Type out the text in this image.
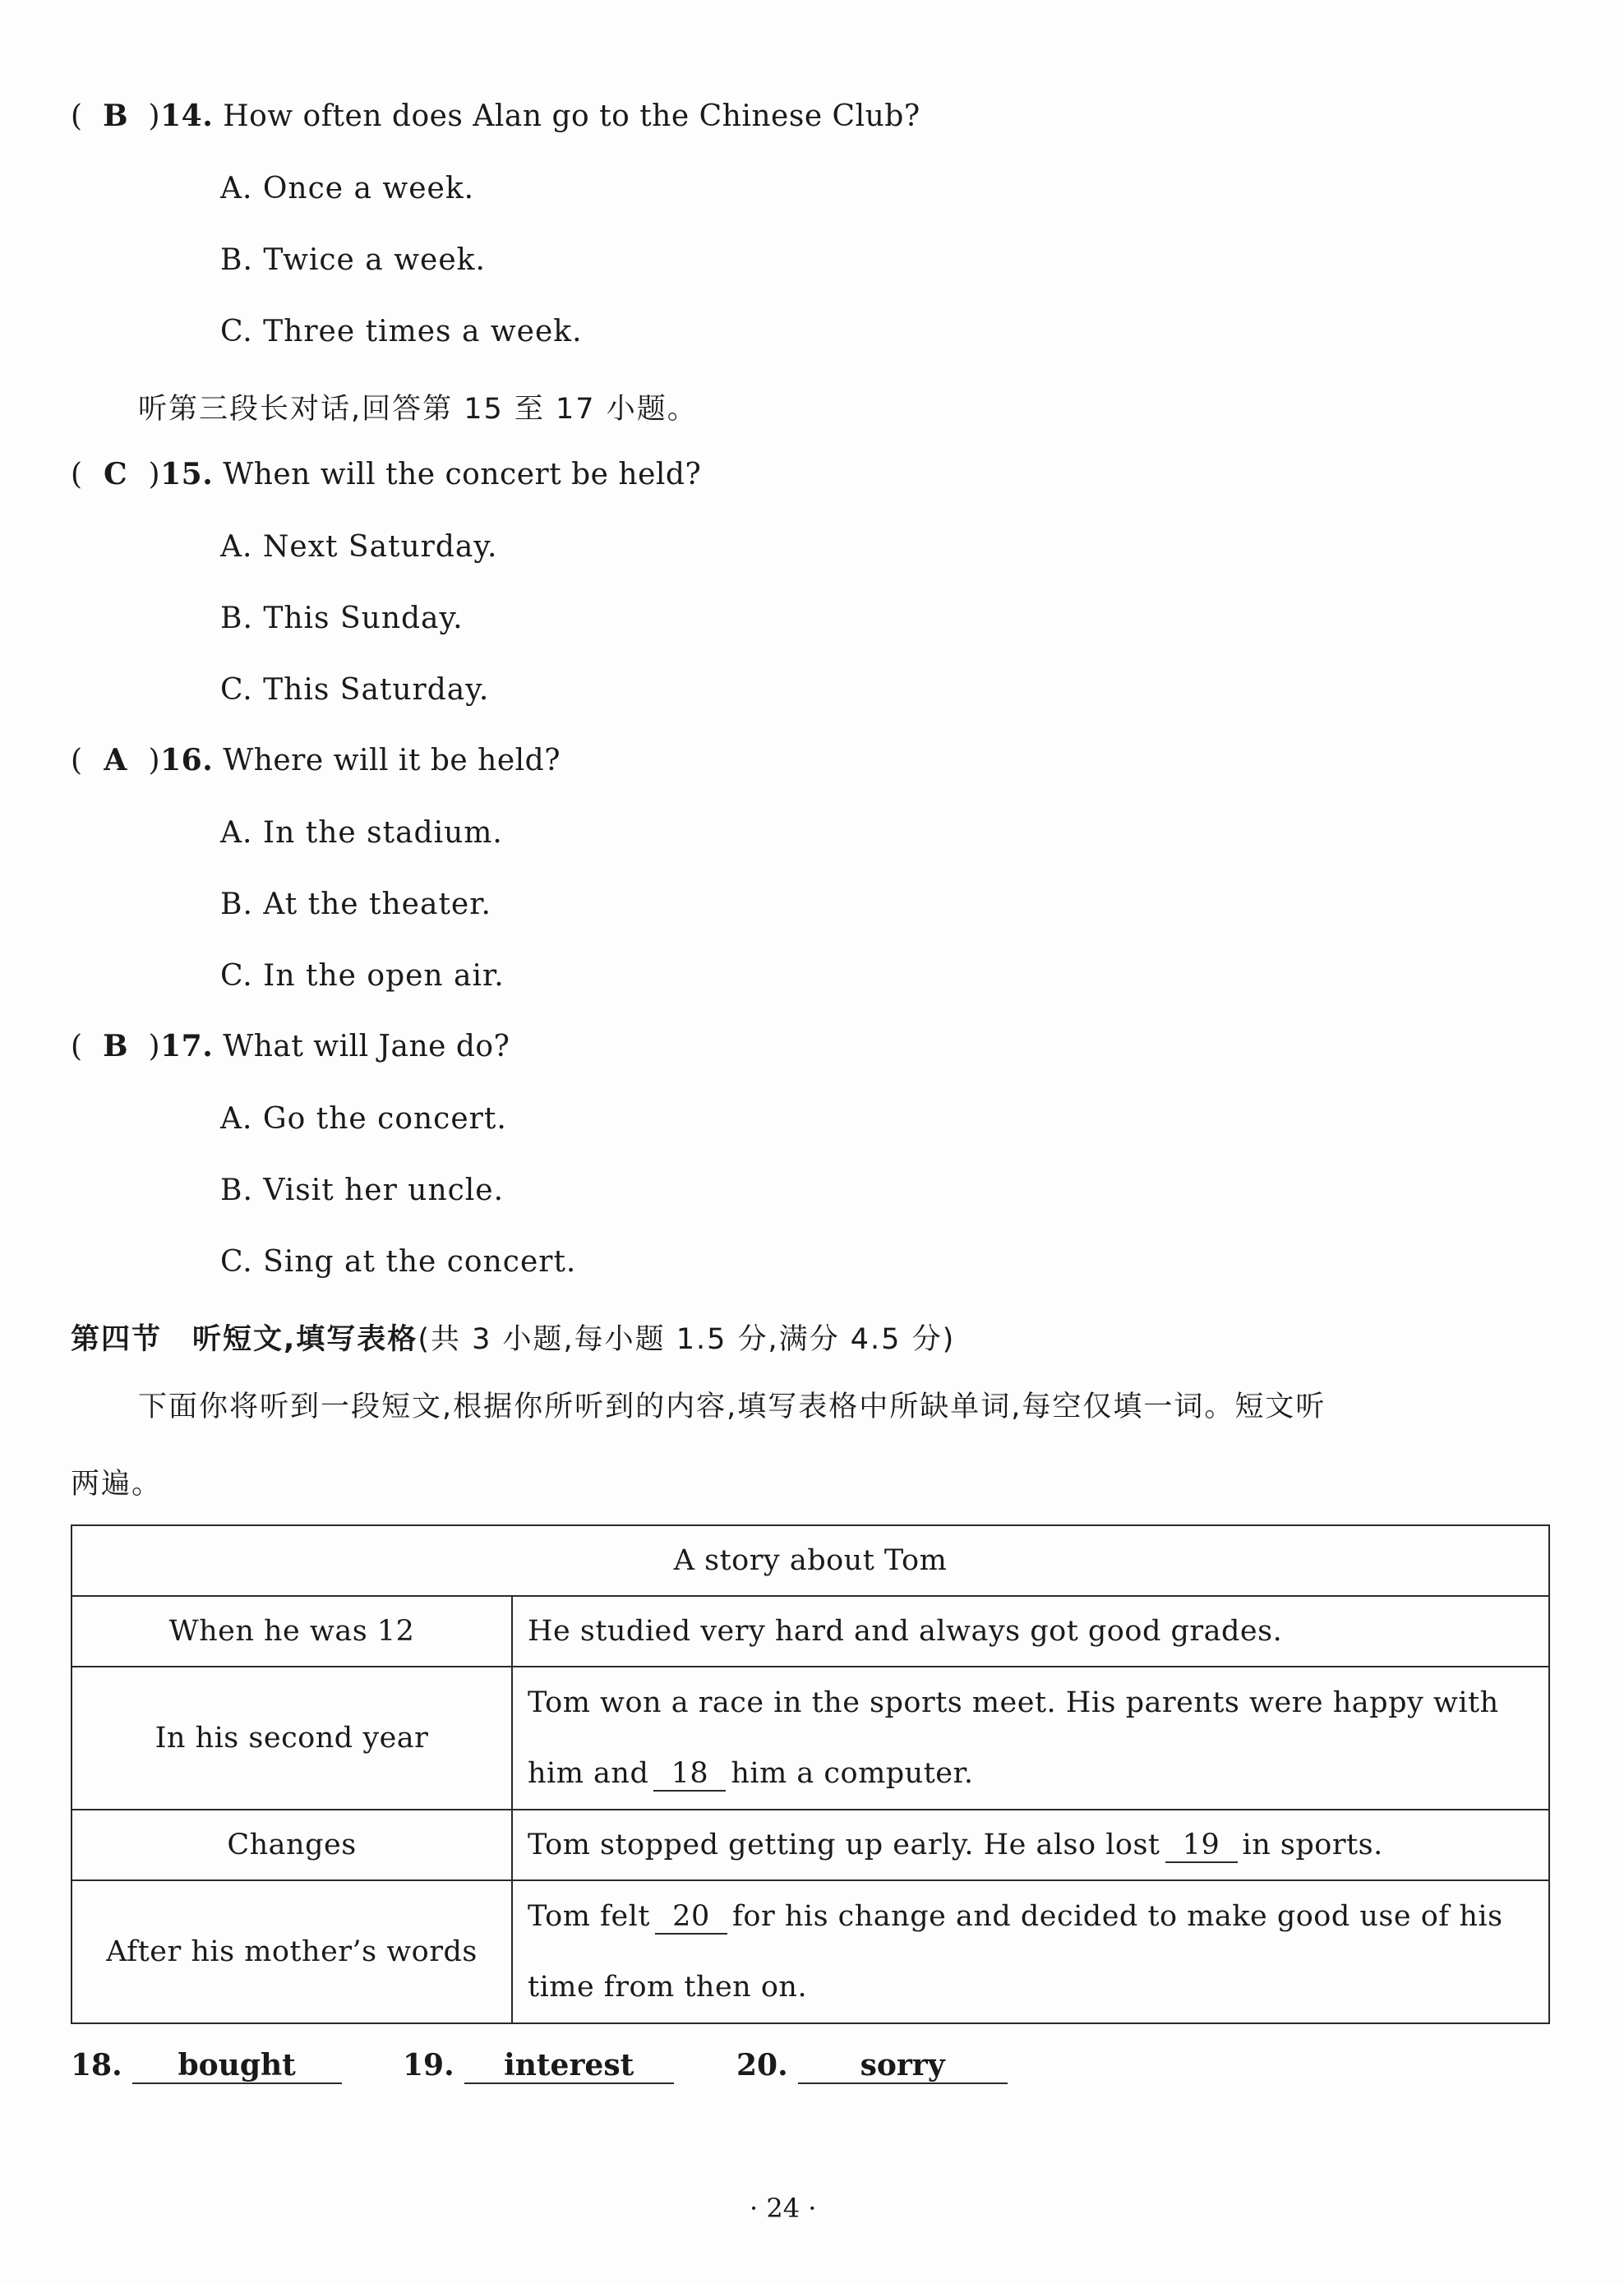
( B )14. How often does Alan go to the Chinese Club?
A. Once a week.
B. Twice a week.
C. Three times a week.
听第三段长对话,回答第 15 至 17 小题。
( C )15. When will the concert be held?
A. Next Saturday.
B. This Sunday.
C. This Saturday.
( A )16. Where will it be held?
A. In the stadium.
B. At the theater.
C. In the open air.
( B )17. What will Jane do?
A. Go the concert.
B. Visit her uncle.
C. Sing at the concert.
第四节　听短文,填写表格(共 3 小题,每小题 1.5 分,满分 4.5 分)
下面你将听到一段短文,根据你所听到的内容,填写表格中所缺单词,每空仅填一词。短文听
两遍。
A story about Tom	
When he was 12	He studied very hard and always got good grades.
In his second year	Tom won a race in the sports meet. His parents were happy with
him and 18 him a computer.

Changes	Tom stopped getting up early. He also lost 19 in sports.
After his mother’s words	Tom felt 20 for his change and decided to make good use of his
time from then on.
18. bought	19. interest	20. sorry
· 24 ·
